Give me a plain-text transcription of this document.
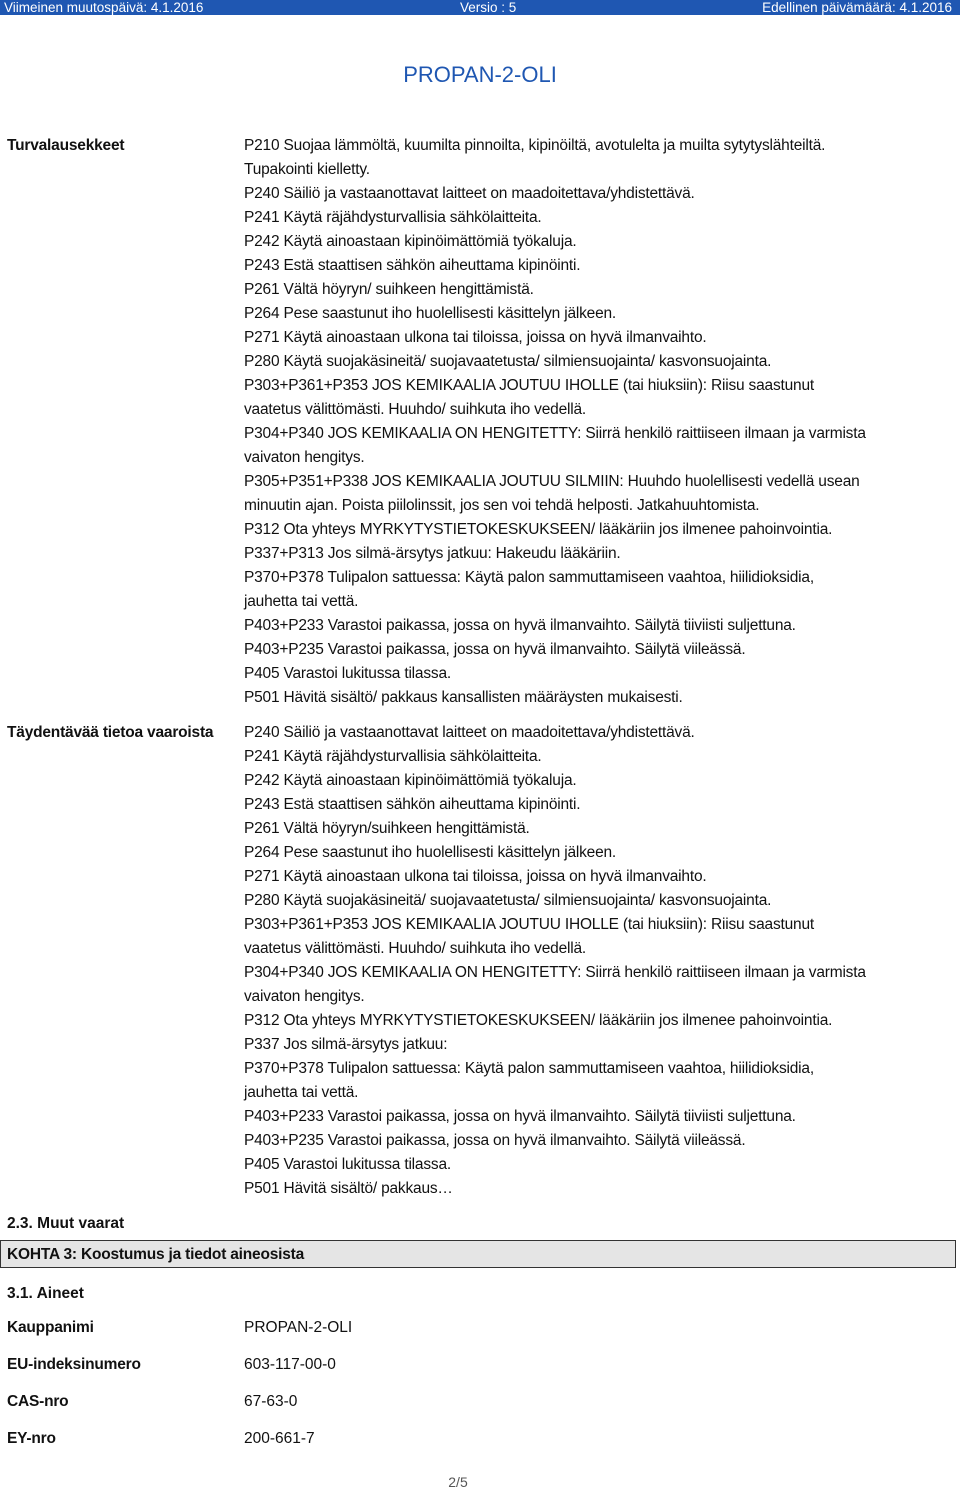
Viimeinen muutospäivä: 4.1.2016	Versio : 5	Edellinen päivämäärä: 4.1.2016
PROPAN-2-OLI
Turvalausekkeet	P210 Suojaa lämmöltä, kuumilta pinnoilta, kipinöiltä, avotulelta ja muilta sytytyslähteiltä.
Tupakointi kielletty.
P240 Säiliö ja vastaanottavat laitteet on maadoitettava/yhdistettävä.
P241 Käytä räjähdysturvallisia sähkölaitteita.
P242 Käytä ainoastaan kipinöimättömiä työkaluja.
P243 Estä staattisen sähkön aiheuttama kipinöinti.
P261 Vältä höyryn/ suihkeen hengittämistä.
P264 Pese saastunut iho huolellisesti käsittelyn jälkeen.
P271 Käytä ainoastaan ulkona tai tiloissa, joissa on hyvä ilmanvaihto.
P280 Käytä suojakäsineitä/ suojavaatetusta/ silmiensuojainta/ kasvonsuojainta.
P303+P361+P353 JOS KEMIKAALIA JOUTUU IHOLLE (tai hiuksiin): Riisu saastunut
vaatetus välittömästi. Huuhdo/ suihkuta iho vedellä.
P304+P340 JOS KEMIKAALIA ON HENGITETTY: Siirrä henkilö raittiiseen ilmaan ja varmista
vaivaton hengitys.
P305+P351+P338 JOS KEMIKAALIA JOUTUU SILMIIN: Huuhdo huolellisesti vedellä usean
minuutin ajan. Poista piilolinssit, jos sen voi tehdä helposti. Jatkahuuhtomista.
P312 Ota yhteys MYRKYTYSTIETOKESKUKSEEN/ lääkäriin jos ilmenee pahoinvointia.
P337+P313 Jos silmä-ärsytys jatkuu: Hakeudu lääkäriin.
P370+P378 Tulipalon sattuessa: Käytä palon sammuttamiseen vaahtoa, hiilidioksidia,
jauhetta tai vettä.
P403+P233 Varastoi paikassa, jossa on hyvä ilmanvaihto. Säilytä tiiviisti suljettuna.
P403+P235 Varastoi paikassa, jossa on hyvä ilmanvaihto. Säilytä viileässä.
P405 Varastoi lukitussa tilassa.
P501 Hävitä sisältö/ pakkaus kansallisten määräysten mukaisesti.
Täydentävää tietoa vaaroista P240 Säiliö ja vastaanottavat laitteet on maadoitettava/yhdistettävä.
P241 Käytä räjähdysturvallisia sähkölaitteita.
P242 Käytä ainoastaan kipinöimättömiä työkaluja.
P243 Estä staattisen sähkön aiheuttama kipinöinti.
P261 Vältä höyryn/suihkeen hengittämistä.
P264 Pese saastunut iho huolellisesti käsittelyn jälkeen.
P271 Käytä ainoastaan ulkona tai tiloissa, joissa on hyvä ilmanvaihto.
P280 Käytä suojakäsineitä/ suojavaatetusta/ silmiensuojainta/ kasvonsuojainta.
P303+P361+P353 JOS KEMIKAALIA JOUTUU IHOLLE (tai hiuksiin): Riisu saastunut
vaatetus välittömästi. Huuhdo/ suihkuta iho vedellä.
P304+P340 JOS KEMIKAALIA ON HENGITETTY: Siirrä henkilö raittiiseen ilmaan ja varmista
vaivaton hengitys.
P312 Ota yhteys MYRKYTYSTIETOKESKUKSEEN/ lääkäriin jos ilmenee pahoinvointia.
P337 Jos silmä-ärsytys jatkuu:
P370+P378 Tulipalon sattuessa: Käytä palon sammuttamiseen vaahtoa, hiilidioksidia,
jauhetta tai vettä.
P403+P233 Varastoi paikassa, jossa on hyvä ilmanvaihto. Säilytä tiiviisti suljettuna.
P403+P235 Varastoi paikassa, jossa on hyvä ilmanvaihto. Säilytä viileässä.
P405 Varastoi lukitussa tilassa.
P501 Hävitä sisältö/ pakkaus…
2.3. Muut vaarat
KOHTA 3: Koostumus ja tiedot aineosista
3.1. Aineet
Kauppanimi	PROPAN-2-OLI
EU-indeksinumero	603-117-00-0
CAS-nro	67-63-0
EY-nro	200-661-7
2/5
